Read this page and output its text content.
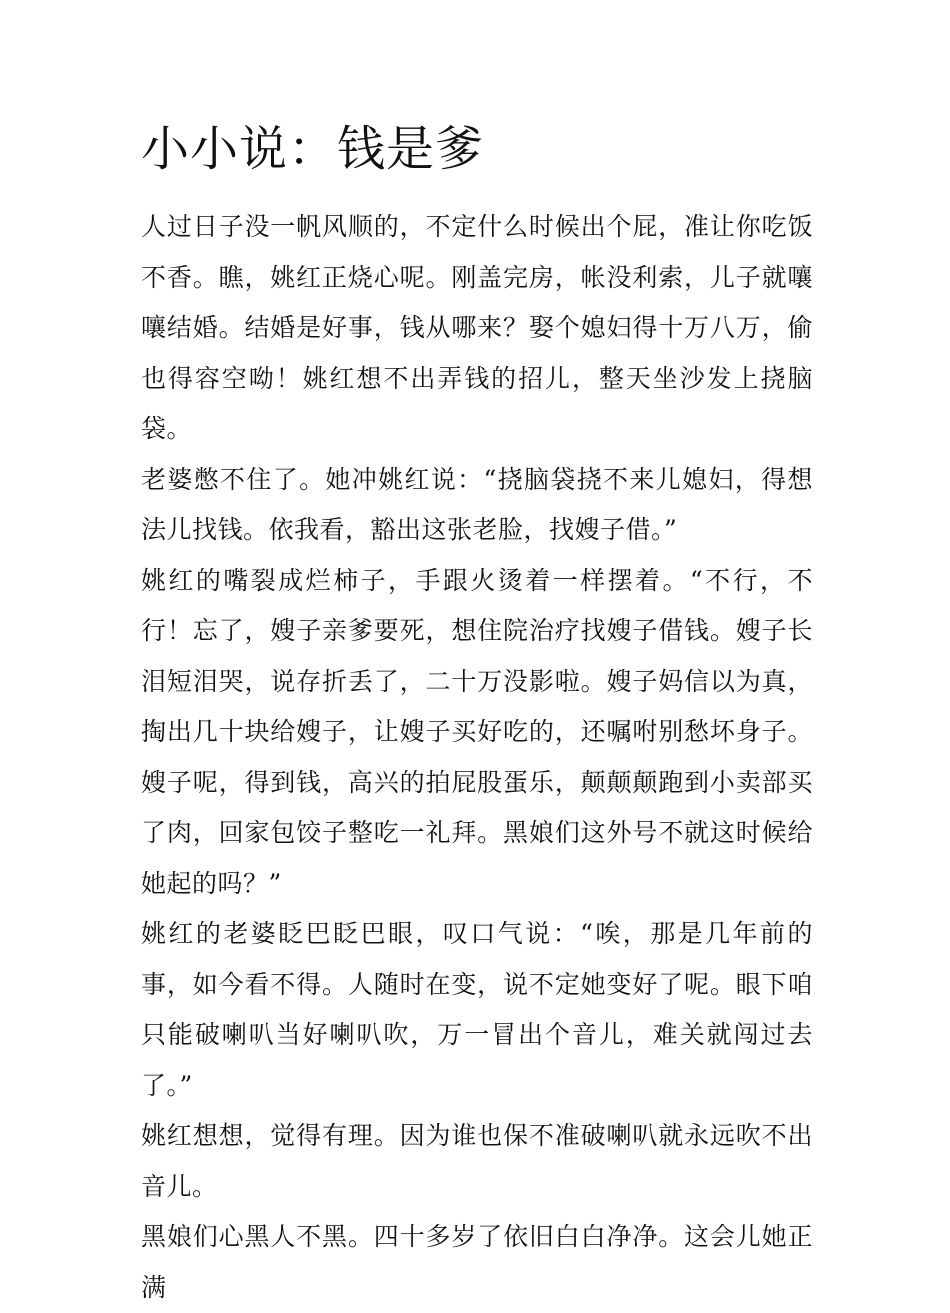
小小说：钱是爹

人过日子没一帆风顺的，不定什么时候出个屁，准让你吃饭不香。瞧，姚红正烧心呢。刚盖完房，帐没利索，儿子就嚷嚷结婚。结婚是好事，钱从哪来？娶个媳妇得十万八万，偷也得容空呦！姚红想不出弄钱的招儿，整天坐沙发上挠脑袋。

老婆憋不住了。她冲姚红说：“挠脑袋挠不来儿媳妇，得想法儿找钱。依我看，豁出这张老脸，找嫂子借。”

姚红的嘴裂成烂柿子，手跟火烫着一样摆着。“不行，不行！忘了，嫂子亲爹要死，想住院治疗找嫂子借钱。嫂子长泪短泪哭，说存折丢了，二十万没影啦。嫂子妈信以为真，掏出几十块给嫂子，让嫂子买好吃的，还嘱咐别愁坏身子。嫂子呢，得到钱，高兴的拍屁股蛋乐，颠颠颠跑到小卖部买了肉，回家包饺子整吃一礼拜。黑娘们这外号不就这时候给她起的吗？”

姚红的老婆眨巴眨巴眼，叹口气说：“唉，那是几年前的事，如今看不得。人随时在变，说不定她变好了呢。眼下咱只能破喇叭当好喇叭吹，万一冒出个音儿，难关就闯过去了。”

姚红想想，觉得有理。因为谁也保不准破喇叭就永远吹不出音儿。

黑娘们心黑人不黑。四十多岁了依旧白白净净。这会儿她正满
